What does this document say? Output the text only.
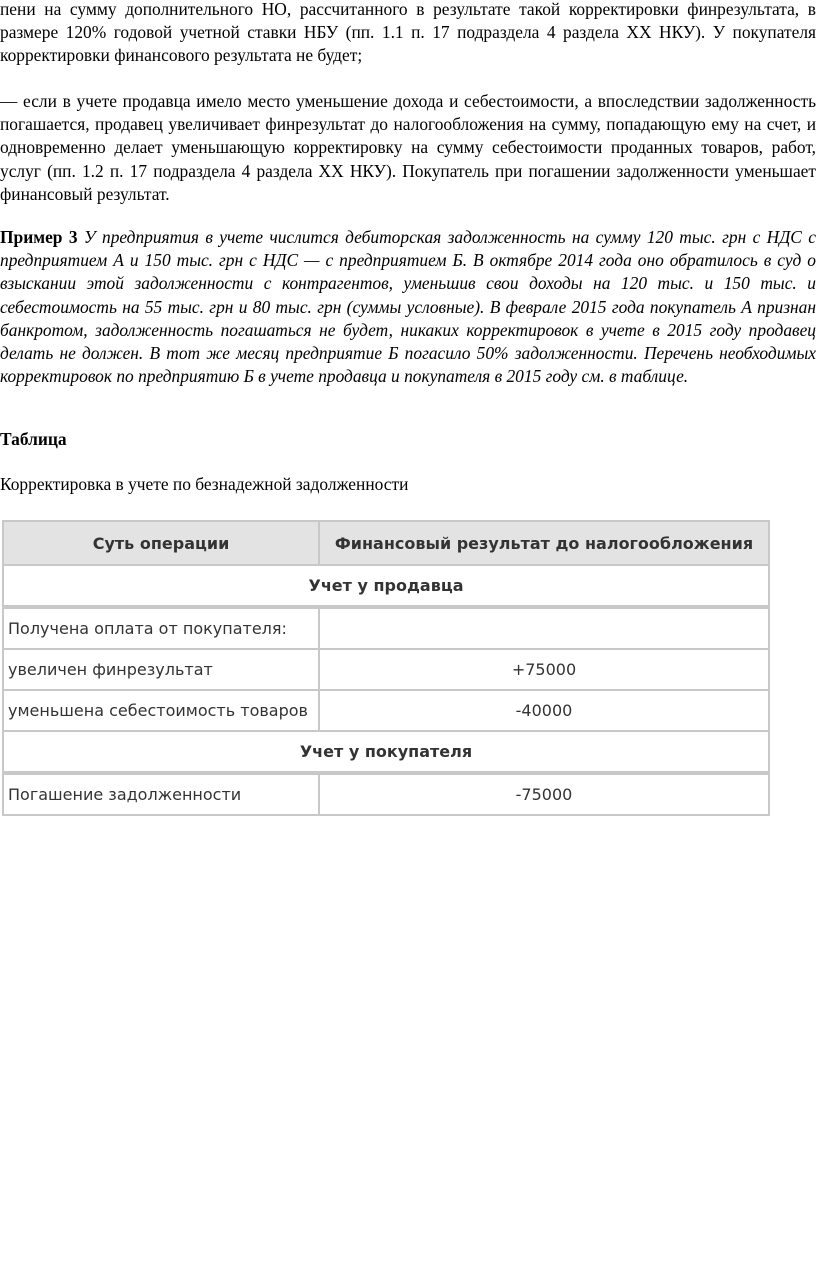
пени на сумму дополнительного НО, рассчитанного в результате такой корректировки финрезультата, в размере 120% годовой учетной ставки НБУ (пп. 1.1 п. 17 подраздела 4 раздела ХХ НКУ). У покупателя корректировки финансового результата не будет;

— если в учете продавца имело место уменьшение дохода и себестоимости, а впоследствии задолженность погашается, продавец увеличивает финрезультат до налогообложения на сумму, попадающую ему на счет, и одновременно делает уменьшающую корректировку на сумму себестоимости проданных товаров, работ, услуг (пп. 1.2 п. 17 подраздела 4 раздела ХХ НКУ). Покупатель при погашении задолженности уменьшает финансовый результат.

Пример 3 У предприятия в учете числится дебиторская задолженность на сумму 120 тыс. грн с НДС с предприятием А и 150 тыс. грн с НДС — с предприятием Б. В октябре 2014 года оно обратилось в суд о взыскании этой задолженности с контрагентов, уменьшив свои доходы на 120 тыс. и 150 тыс. и себестоимость на 55 тыс. грн и 80 тыс. грн (суммы условные). В феврале 2015 года покупатель А признан банкротом, задолженность погашаться не будет, никаких корректировок в учете в 2015 году продавец делать не должен. В тот же месяц предприятие Б погасило 50% задолженности. Перечень необходимых корректировок по предприятию Б в учете продавца и покупателя в 2015 году см. в таблице.

Таблица

Корректировка в учете по безнадежной задолженности

Суть операции	Финансовый результат до налогообложения
Учет у продавца	
Получена оплата от покупателя:	
увеличен финрезультат	+75000
уменьшена себестоимость товаров	-40000
Учет у покупателя	
Погашение задолженности	-75000
